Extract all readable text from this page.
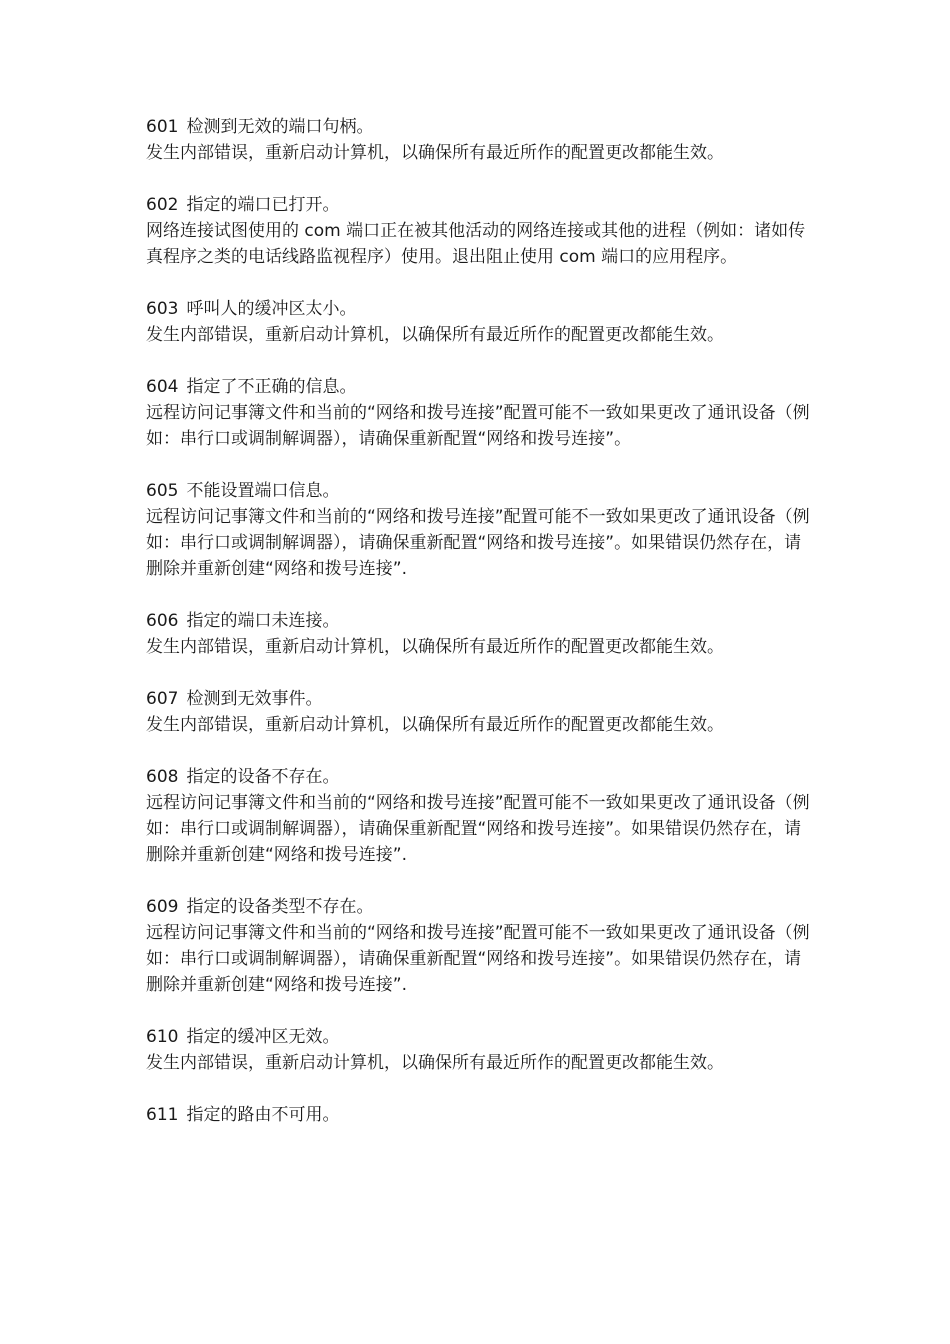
601 检测到无效的端口句柄。
发生内部错误，重新启动计算机，以确保所有最近所作的配置更改都能生效。
602 指定的端口已打开。
网络连接试图使用的 com 端口正在被其他活动的网络连接或其他的进程（例如：诸如传真程序之类的电话线路监视程序）使用。退出阻止使用 com 端口的应用程序。
603 呼叫人的缓冲区太小。
发生内部错误，重新启动计算机，以确保所有最近所作的配置更改都能生效。
604 指定了不正确的信息。
远程访问记事簿文件和当前的“网络和拨号连接”配置可能不一致如果更改了通讯设备（例如：串行口或调制解调器），请确保重新配置“网络和拨号连接”。
605 不能设置端口信息。
远程访问记事簿文件和当前的“网络和拨号连接”配置可能不一致如果更改了通讯设备（例如：串行口或调制解调器），请确保重新配置“网络和拨号连接”。如果错误仍然存在，请删除并重新创建“网络和拨号连接”.
606 指定的端口未连接。
发生内部错误，重新启动计算机，以确保所有最近所作的配置更改都能生效。
607 检测到无效事件。
发生内部错误，重新启动计算机，以确保所有最近所作的配置更改都能生效。
608 指定的设备不存在。
远程访问记事簿文件和当前的“网络和拨号连接”配置可能不一致如果更改了通讯设备（例如：串行口或调制解调器），请确保重新配置“网络和拨号连接”。如果错误仍然存在，请删除并重新创建“网络和拨号连接”.
609 指定的设备类型不存在。
远程访问记事簿文件和当前的“网络和拨号连接”配置可能不一致如果更改了通讯设备（例如：串行口或调制解调器），请确保重新配置“网络和拨号连接”。如果错误仍然存在，请删除并重新创建“网络和拨号连接”.
610 指定的缓冲区无效。
发生内部错误，重新启动计算机，以确保所有最近所作的配置更改都能生效。
611 指定的路由不可用。
